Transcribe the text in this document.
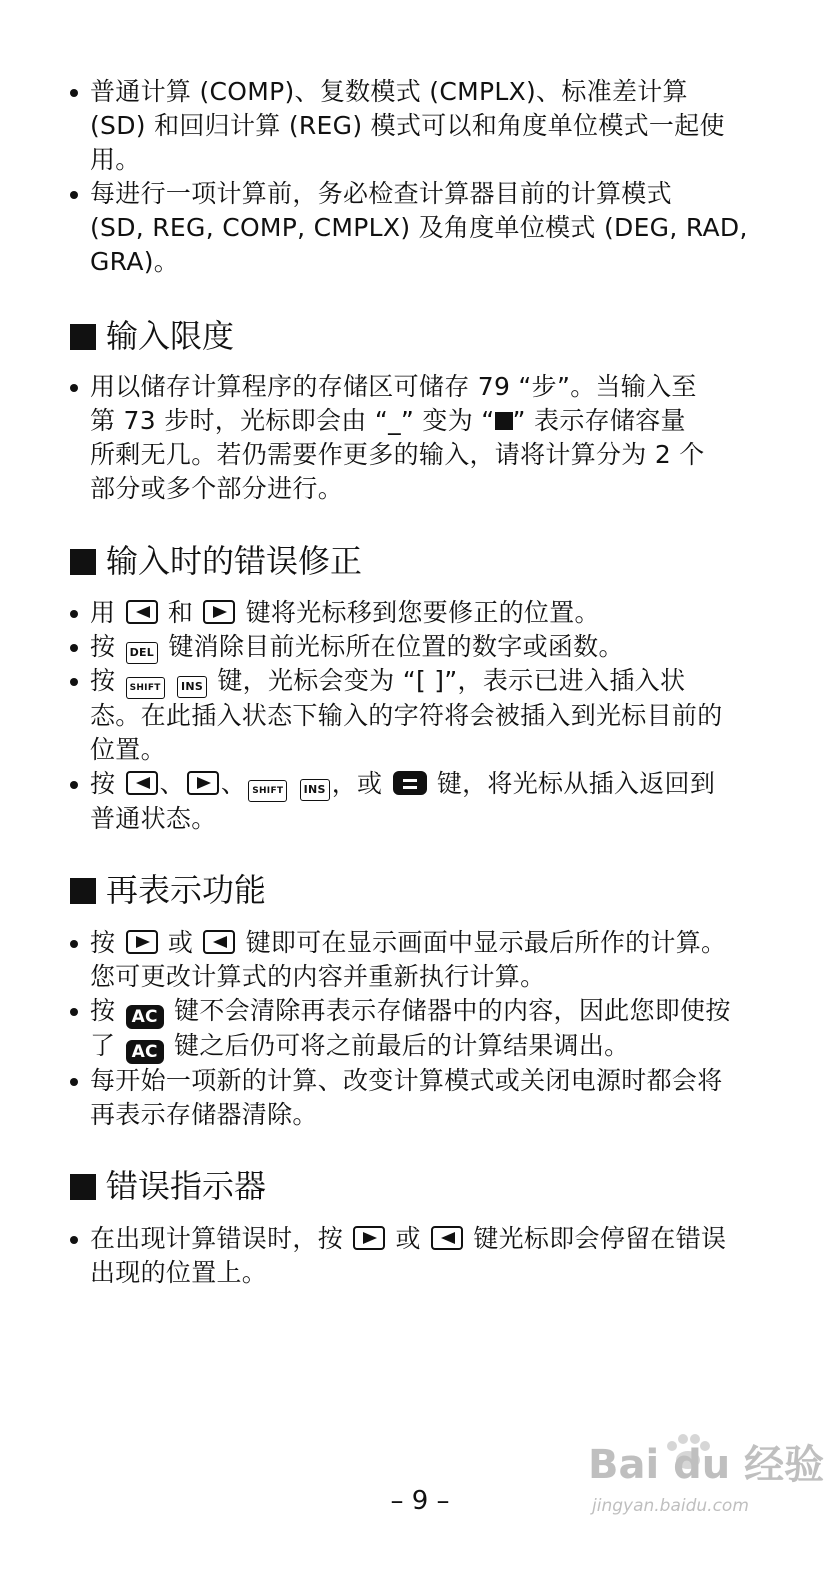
普通计算 (COMP)、复数模式 (CMPLX)、标准差计算
(SD) 和回归计算 (REG) 模式可以和角度单位模式一起使
用。
每进行一项计算前，务必检查计算器目前的计算模式
(SD, REG, COMP, CMPLX) 及角度单位模式 (DEG, RAD,
GRA)。
输入限度
用以储存计算程序的存储区可储存 79 “步”。当输入至
第 73 步时，光标即会由 “_” 变为 “ ” 表示存储容量
所剩无几。若仍需要作更多的输入，请将计算分为 2 个
部分或多个部分进行。
输入时的错误修正
用 和 键将光标移到您要修正的位置。
按 DEL 键消除目前光标所在位置的数字或函数。
按 SHIFT INS 键，光标会变为 “[ ]”，表示已进入插入状
态。在此插入状态下输入的字符将会被插入到光标目前的
位置。
按 、 、 SHIFT INS ，或 键，将光标从插入返回到
普通状态。
再表示功能
按 或 键即可在显示画面中显示最后所作的计算。
您可更改计算式的内容并重新执行计算。
按 AC 键不会清除再表示存储器中的内容，因此您即使按
了 AC 键之后仍可将之前最后的计算结果调出。
每开始一项新的计算、改变计算模式或关闭电源时都会将
再表示存储器清除。
错误指示器
在出现计算错误时，按 或 键光标即会停留在错误
出现的位置上。
– 9 –
Bai du 经验
jingyan.baidu.com
